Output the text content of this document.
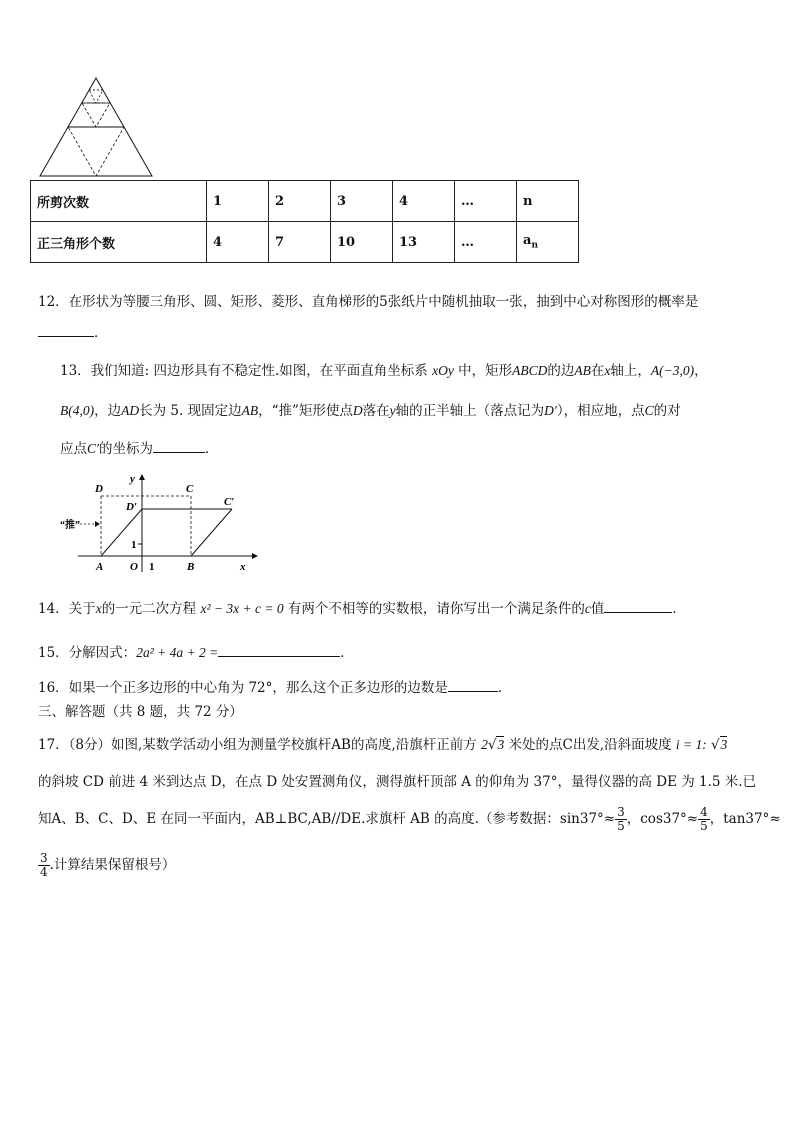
所剪次数	1	2	3	4	…	n
正三角形个数	4	7	10	13	…	$a_n$
12．在形状为等腰三角形、圆、矩形、菱形、直角梯形的5张纸片中随机抽取一张，抽到中心对称图形的概率是
．
13．我们知道: 四边形具有不稳定性.如图，在平面直角坐标系 xOy 中，矩形ABCD的边AB在x轴上，A(−3,0)，
B(4,0)，边AD长为 5. 现固定边AB，“推”矩形使点D落在y轴的正半轴上（落点记为D′），相应地，点C的对
应点C′的坐标为	．
D	C
D′	C′
“推”
1
A O 1	B	x
y
14．关于x的一元二次方程 x² − 3x + c = 0 有两个不相等的实数根，请你写出一个满足条件的c值	．
15．分解因式：2a² + 4a + 2 =	．
16．如果一个正多边形的中心角为 72°，那么这个正多边形的边数是	．
三、解答题（共 8 题，共 72 分）
17．（8分）如图,某数学活动小组为测量学校旗杆AB的高度,沿旗杆正前方 2√3 米处的点C出发,沿斜面坡度 i = 1: √3
的斜坡 CD 前进 4 米到达点 D，在点 D 处安置测角仪，测得旗杆顶部 A 的仰角为 37°，量得仪器的高 DE 为 1.5 米.已
知A、B、C、D、E 在同一平面内，AB⊥BC,AB//DE.求旗杆 AB 的高度.（参考数据：$\sin 37^\circ\approx \frac{3}{5}$ ，$\cos 37^\circ\approx \frac{4}{5}$ ，tan37°≈
$\frac{3}{4}$ .计算结果保留根号）
